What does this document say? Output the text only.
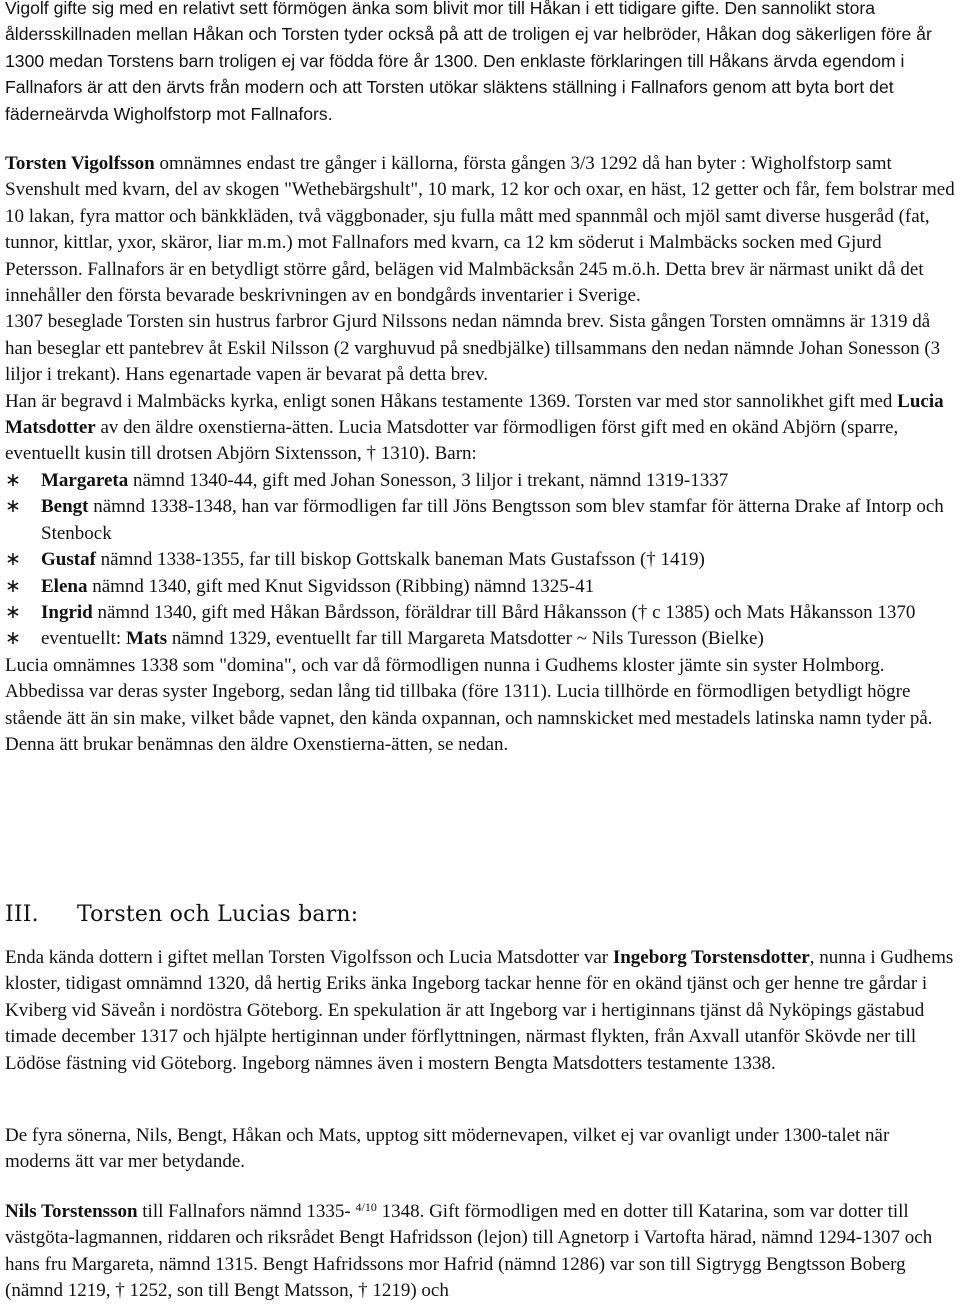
Vigolf gifte sig med en relativt sett förmögen änka som blivit mor till Håkan i ett tidigare gifte. Den sannolikt stora åldersskillnaden mellan Håkan och Torsten tyder också på att de troligen ej var helbröder, Håkan dog säkerligen före år 1300 medan Torstens barn troligen ej var födda före år 1300. Den enklaste förklaringen till Håkans ärvda egendom i Fallnafors är att den ärvts från modern och att Torsten utökar släktens ställning i Fallnafors genom att byta bort det fäderneärvda Wigholfstorp mot Fallnafors.

Torsten Vigolfsson omnämnes endast tre gånger i källorna, första gången 3/3 1292 då han byter : Wigholfstorp samt Svenshult med kvarn, del av skogen "Wethebärgshult", 10 mark, 12 kor och oxar, en häst, 12 getter och får, fem bolstrar med 10 lakan, fyra mattor och bänkkläden, två väggbonader, sju fulla mått med spannmål och mjöl samt diverse husgeråd (fat, tunnor, kittlar, yxor, skäror, liar m.m.) mot Fallnafors med kvarn, ca 12 km söderut i Malmbäcks socken med Gjurd Petersson. Fallnafors är en betydligt större gård, belägen vid Malmbäcksån 245 m.ö.h. Detta brev är närmast unikt då det innehåller den första bevarade beskrivningen av en bondgårds inventarier i Sverige.

1307 beseglade Torsten sin hustrus farbror Gjurd Nilssons nedan nämnda brev. Sista gången Torsten omnämns är 1319 då han beseglar ett pantebrev åt Eskil Nilsson (2 varghuvud på snedbjälke) tillsammans den nedan nämnde Johan Sonesson (3 liljor i trekant). Hans egenartade vapen är bevarat på detta brev.

Han är begravd i Malmbäcks kyrka, enligt sonen Håkans testamente 1369. Torsten var med stor sannolikhet gift med Lucia Matsdotter av den äldre oxenstierna-ätten. Lucia Matsdotter var förmodligen först gift med en okänd Abjörn (sparre, eventuellt kusin till drotsen Abjörn Sixtensson, † 1310). Barn:

∗ Margareta nämnd 1340-44, gift med Johan Sonesson, 3 liljor i trekant, nämnd 1319-1337
∗ Bengt nämnd 1338-1348, han var förmodligen far till Jöns Bengtsson som blev stamfar för ätterna Drake af Intorp och Stenbock
∗ Gustaf nämnd 1338-1355, far till biskop Gottskalk baneman Mats Gustafsson († 1419)
∗ Elena nämnd 1340, gift med Knut Sigvidsson (Ribbing) nämnd 1325-41
∗ Ingrid nämnd 1340, gift med Håkan Bårdsson, föräldrar till Bård Håkansson († c 1385) och Mats Håkansson 1370
∗ eventuellt: Mats nämnd 1329, eventuellt far till Margareta Matsdotter ~ Nils Turesson (Bielke)

Lucia omnämnes 1338 som "domina", och var då förmodligen nunna i Gudhems kloster jämte sin syster Holmborg. Abbedissa var deras syster Ingeborg, sedan lång tid tillbaka (före 1311). Lucia tillhörde en förmodligen betydligt högre stående ätt än sin make, vilket både vapnet, den kända oxpannan, och namnskicket med mestadels latinska namn tyder på. Denna ätt brukar benämnas den äldre Oxenstierna-ätten, se nedan.

III. Torsten och Lucias barn:

Enda kända dottern i giftet mellan Torsten Vigolfsson och Lucia Matsdotter var Ingeborg Torstensdotter, nunna i Gudhems kloster, tidigast omnämnd 1320, då hertig Eriks änka Ingeborg tackar henne för en okänd tjänst och ger henne tre gårdar i Kviberg vid Säveån i nordöstra Göteborg. En spekulation är att Ingeborg var i hertiginnans tjänst då Nyköpings gästabud timade december 1317 och hjälpte hertiginnan under förflyttningen, närmast flykten, från Axvall utanför Skövde ner till Lödöse fästning vid Göteborg. Ingeborg nämnes även i mostern Bengta Matsdotters testamente 1338.

De fyra sönerna, Nils, Bengt, Håkan och Mats, upptog sitt mödernevapen, vilket ej var ovanligt under 1300-talet när moderns ätt var mer betydande.

Nils Torstensson till Fallnafors nämnd 1335- $^{4/10}$ 1348. Gift förmodligen med en dotter till Katarina, som var dotter till västgöta-lagmannen, riddaren och riksrådet Bengt Hafridsson (lejon) till Agnetorp i Vartofta härad, nämnd 1294-1307 och hans fru Margareta, nämnd 1315. Bengt Hafridssons mor Hafrid (nämnd 1286) var son till Sigtrygg Bengtsson Boberg (nämnd 1219, † 1252, son till Bengt Matsson, † 1219) och
